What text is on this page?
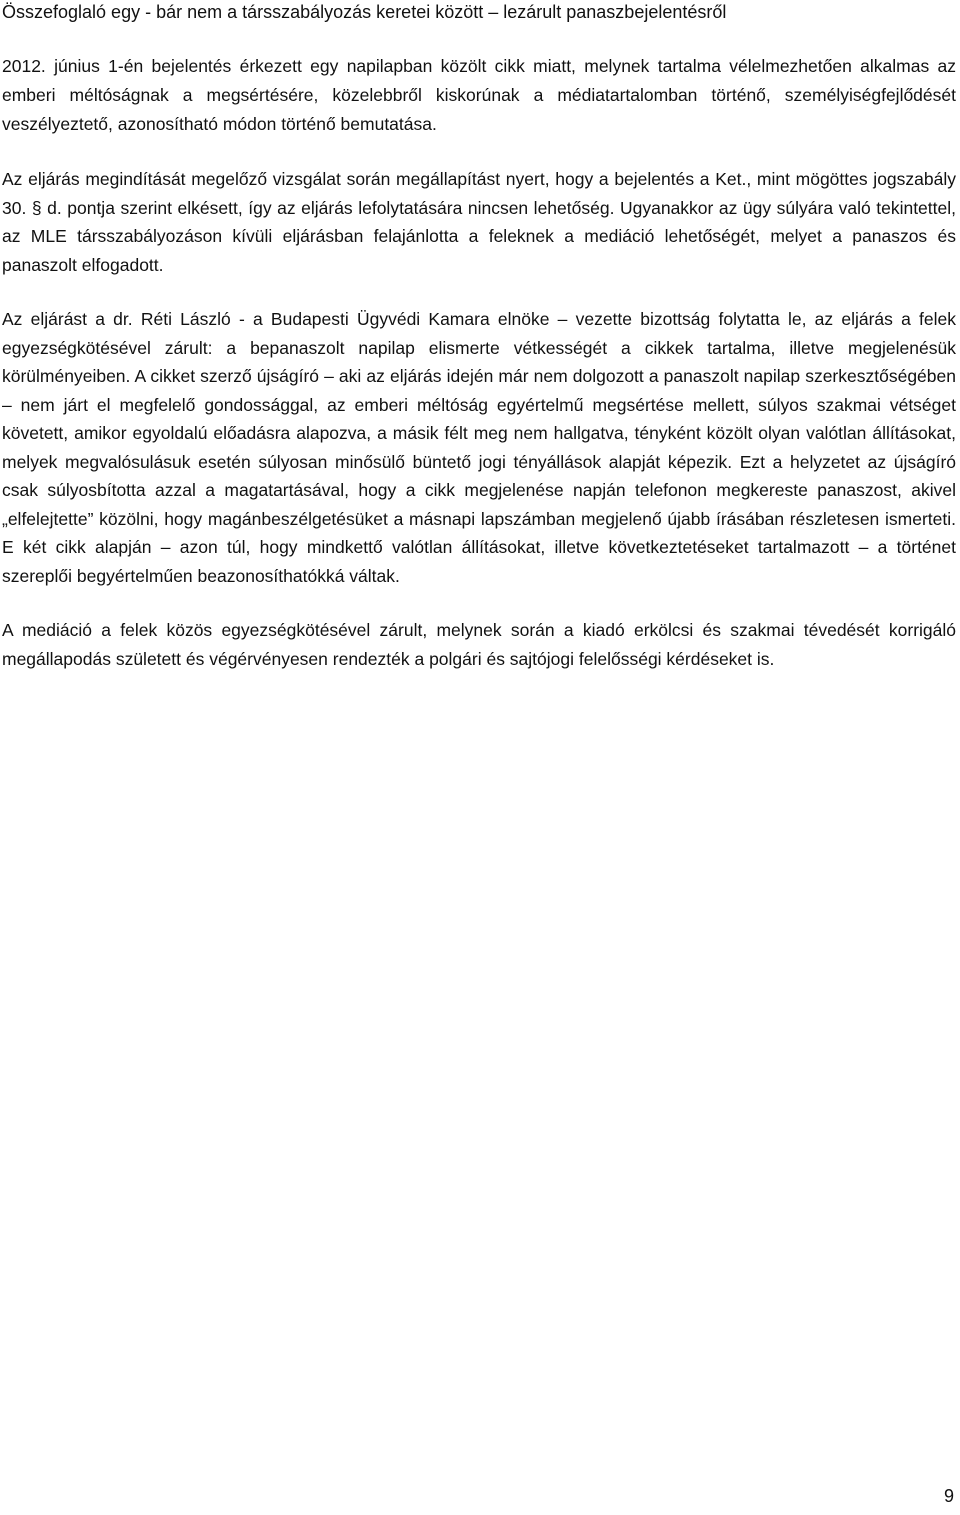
Összefoglaló egy - bár nem a társszabályozás keretei között – lezárult panaszbejelentésről

2012. június 1-én bejelentés érkezett egy napilapban közölt cikk miatt, melynek tartalma vélelmezhetően alkalmas az emberi méltóságnak a megsértésére, közelebbről kiskorúnak a médiatartalomban történő, személyiségfejlődését veszélyeztető, azonosítható módon történő bemutatása.

Az eljárás megindítását megelőző vizsgálat során megállapítást nyert, hogy a bejelentés a Ket., mint mögöttes jogszabály 30. § d. pontja szerint elkésett, így az eljárás lefolytatására nincsen lehetőség. Ugyanakkor az ügy súlyára való tekintettel, az MLE társszabályozáson kívüli eljárásban felajánlotta a feleknek a mediáció lehetőségét, melyet a panaszos és panaszolt elfogadott.

Az eljárást a dr. Réti László - a Budapesti Ügyvédi Kamara elnöke – vezette bizottság folytatta le, az eljárás a felek egyezségkötésével zárult: a bepanaszolt napilap elismerte vétkességét a cikkek tartalma, illetve megjelenésük körülményeiben. A cikket szerző újságíró – aki az eljárás idején már nem dolgozott a panaszolt napilap szerkesztőségében – nem járt el megfelelő gondossággal, az emberi méltóság egyértelmű megsértése mellett, súlyos szakmai vétséget követett, amikor egyoldalú előadásra alapozva, a másik félt meg nem hallgatva, tényként közölt olyan valótlan állításokat, melyek megvalósulásuk esetén súlyosan minősülő büntető jogi tényállások alapját képezik. Ezt a helyzetet az újságíró csak súlyosbította azzal a magatartásával, hogy a cikk megjelenése napján telefonon megkereste panaszost, akivel „elfelejtette” közölni, hogy magánbeszélgetésüket a másnapi lapszámban megjelenő újabb írásában részletesen ismerteti. E két cikk alapján – azon túl, hogy mindkettő valótlan állításokat, illetve következtetéseket tartalmazott – a történet szereplői begyértelműen beazonosíthatókká váltak.

A mediáció a felek közös egyezségkötésével zárult, melynek során a kiadó erkölcsi és szakmai tévedését korrigáló megállapodás született és végérvényesen rendezték a polgári és sajtójogi felelősségi kérdéseket is.

9
